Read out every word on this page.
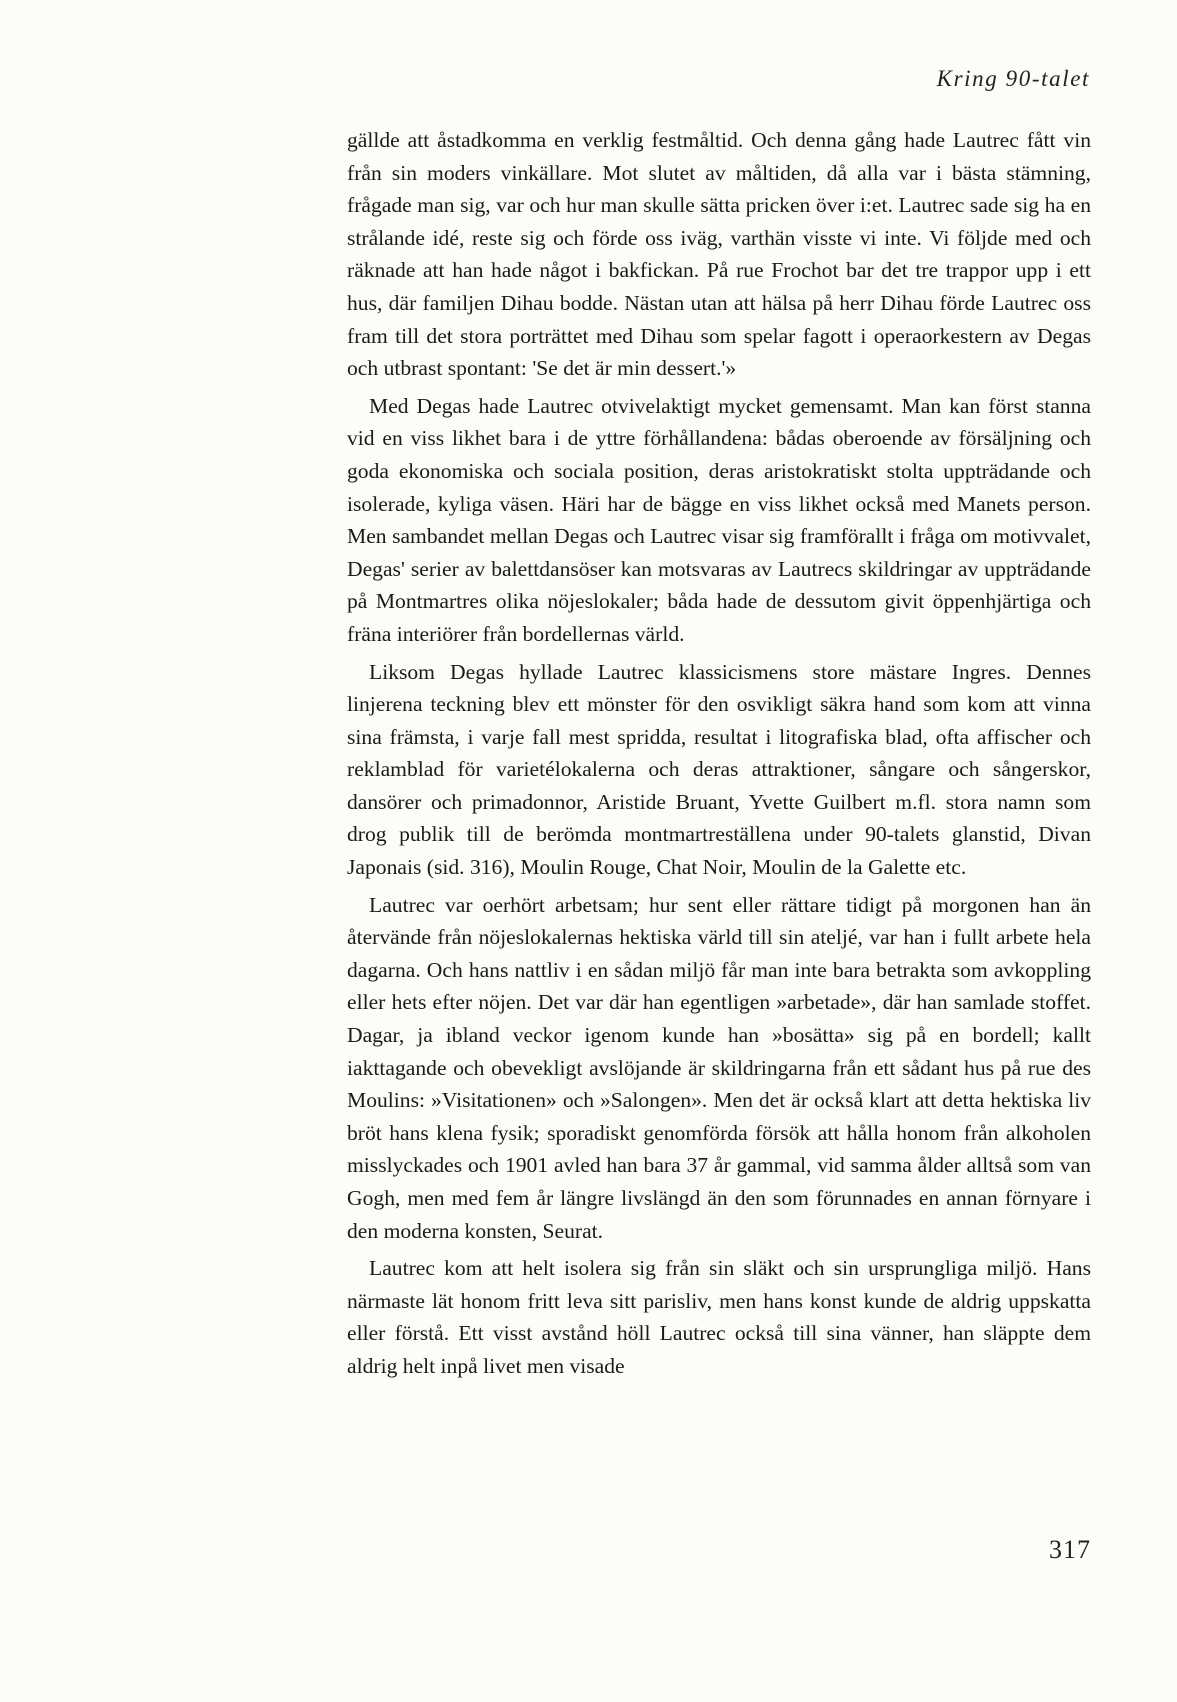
Kring 90-talet

gällde att åstadkomma en verklig festmåltid. Och denna gång hade Lautrec fått vin från sin moders vinkällare. Mot slutet av måltiden, då alla var i bästa stämning, frågade man sig, var och hur man skulle sätta pricken över i:et. Lautrec sade sig ha en strålande idé, reste sig och förde oss iväg, varthän visste vi inte. Vi följde med och räknade att han hade något i bakfickan. På rue Frochot bar det tre trappor upp i ett hus, där familjen Dihau bodde. Nästan utan att hälsa på herr Dihau förde Lautrec oss fram till det stora porträttet med Dihau som spelar fagott i operaorkestern av Degas och utbrast spontant: 'Se det är min dessert.'»

Med Degas hade Lautrec otvivelaktigt mycket gemensamt. Man kan först stanna vid en viss likhet bara i de yttre förhållandena: bådas oberoende av försäljning och goda ekonomiska och sociala position, deras aristokratiskt stolta uppträdande och isolerade, kyliga väsen. Häri har de bägge en viss likhet också med Manets person. Men sambandet mellan Degas och Lautrec visar sig framförallt i fråga om motivvalet, Degas' serier av balettdansöser kan motsvaras av Lautrecs skildringar av uppträdande på Montmartres olika nöjeslokaler; båda hade de dessutom givit öppenhjärtiga och fräna interiörer från bordellernas värld.

Liksom Degas hyllade Lautrec klassicismens store mästare Ingres. Dennes linjerena teckning blev ett mönster för den osvikligt säkra hand som kom att vinna sina främsta, i varje fall mest spridda, resultat i litografiska blad, ofta affischer och reklamblad för varietélokalerna och deras attraktioner, sångare och sångerskor, dansörer och primadonnor, Aristide Bruant, Yvette Guilbert m.fl. stora namn som drog publik till de berömda montmartreställena under 90-talets glanstid, Divan Japonais (sid. 316), Moulin Rouge, Chat Noir, Moulin de la Galette etc.

Lautrec var oerhört arbetsam; hur sent eller rättare tidigt på morgonen han än återvände från nöjeslokalernas hektiska värld till sin ateljé, var han i fullt arbete hela dagarna. Och hans nattliv i en sådan miljö får man inte bara betrakta som avkoppling eller hets efter nöjen. Det var där han egentligen »arbetade», där han samlade stoffet. Dagar, ja ibland veckor igenom kunde han »bosätta» sig på en bordell; kallt iakttagande och obevekligt avslöjande är skildringarna från ett sådant hus på rue des Moulins: »Visitationen» och »Salongen». Men det är också klart att detta hektiska liv bröt hans klena fysik; sporadiskt genomförda försök att hålla honom från alkoholen misslyckades och 1901 avled han bara 37 år gammal, vid samma ålder alltså som van Gogh, men med fem år längre livslängd än den som förunnades en annan förnyare i den moderna konsten, Seurat.

Lautrec kom att helt isolera sig från sin släkt och sin ursprungliga miljö. Hans närmaste lät honom fritt leva sitt parisliv, men hans konst kunde de aldrig uppskatta eller förstå. Ett visst avstånd höll Lautrec också till sina vänner, han släppte dem aldrig helt inpå livet men visade

317
